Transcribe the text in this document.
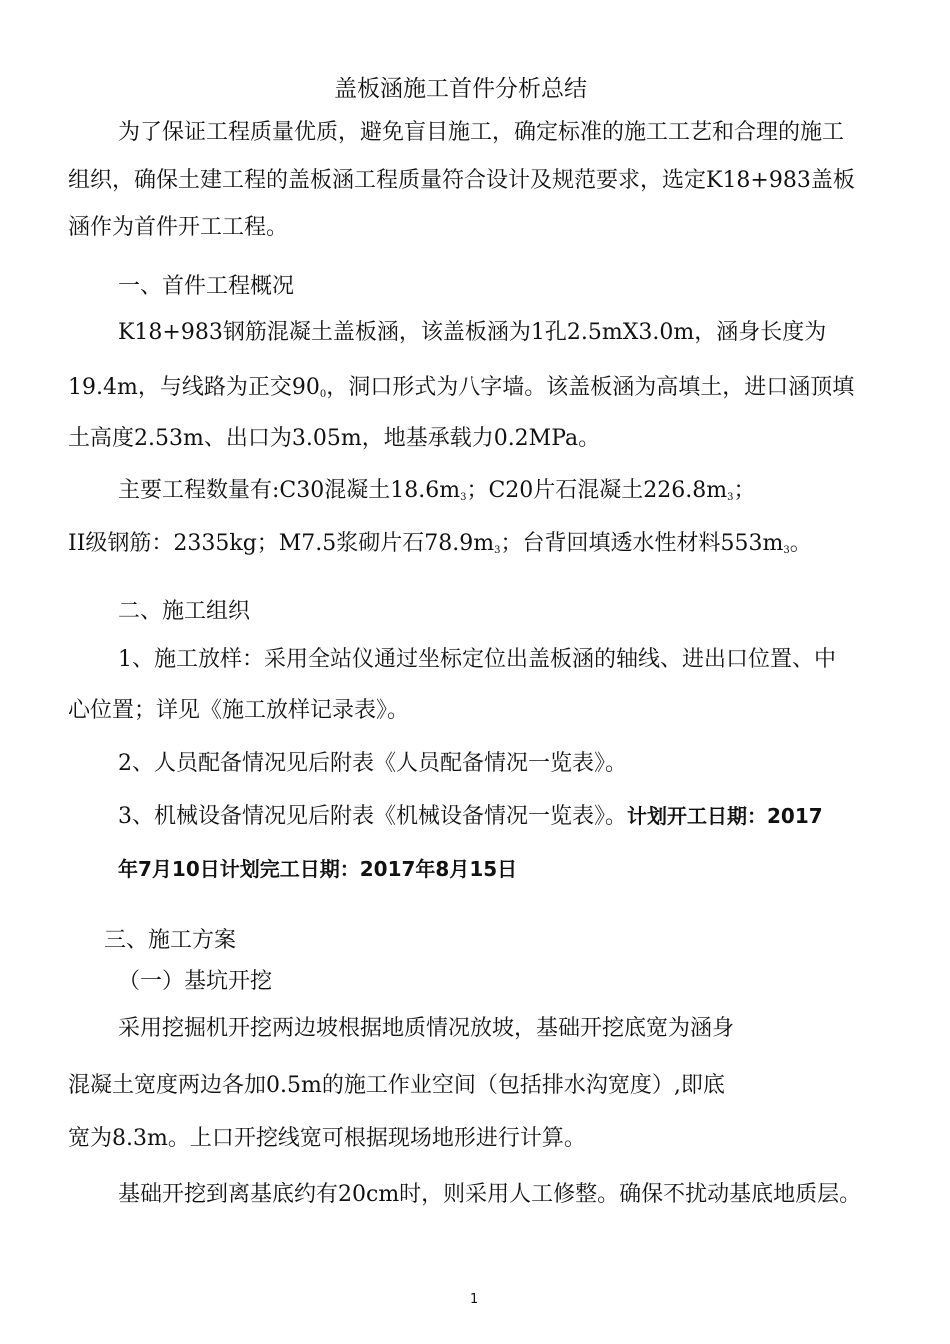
盖板涵施工首件分析总结
为了保证工程质量优质，避免盲目施工，确定标准的施工工艺和合理的施工
组织，确保土建工程的盖板涵工程质量符合设计及规范要求，选定K18+983盖板
涵作为首件开工工程。
一、首件工程概况
K18+983钢筋混凝土盖板涵，该盖板涵为1孔2.5mX3.0m，涵身长度为
19.4m，与线路为正交$90_0$，洞口形式为八字墙。该盖板涵为高填土，进口涵顶填
土高度2.53m、出口为3.05m，地基承载力0.2MPa。
主要工程数量有:C30混凝土$18.6m_3$；C20片石混凝土$226.8m_3$；
II级钢筋：2335kg；M7.5浆砌片石$78.9m_3$；台背回填透水性材料$553m_3$。
二、施工组织
1、施工放样：采用全站仪通过坐标定位出盖板涵的轴线、进出口位置、中
心位置；详见《施工放样记录表》。
2、人员配备情况见后附表《人员配备情况一览表》。
3、机械设备情况见后附表《机械设备情况一览表》。计划开工日期：2017
年7月10日计划完工日期：2017年8月15日
三、施工方案
（一）基坑开挖
采用挖掘机开挖两边坡根据地质情况放坡，基础开挖底宽为涵身
混凝土宽度两边各加0.5m的施工作业空间（包括排水沟宽度）,即底
宽为8.3m。上口开挖线宽可根据现场地形进行计算。
基础开挖到离基底约有20cm时，则采用人工修整。确保不扰动基底地质层。
1
